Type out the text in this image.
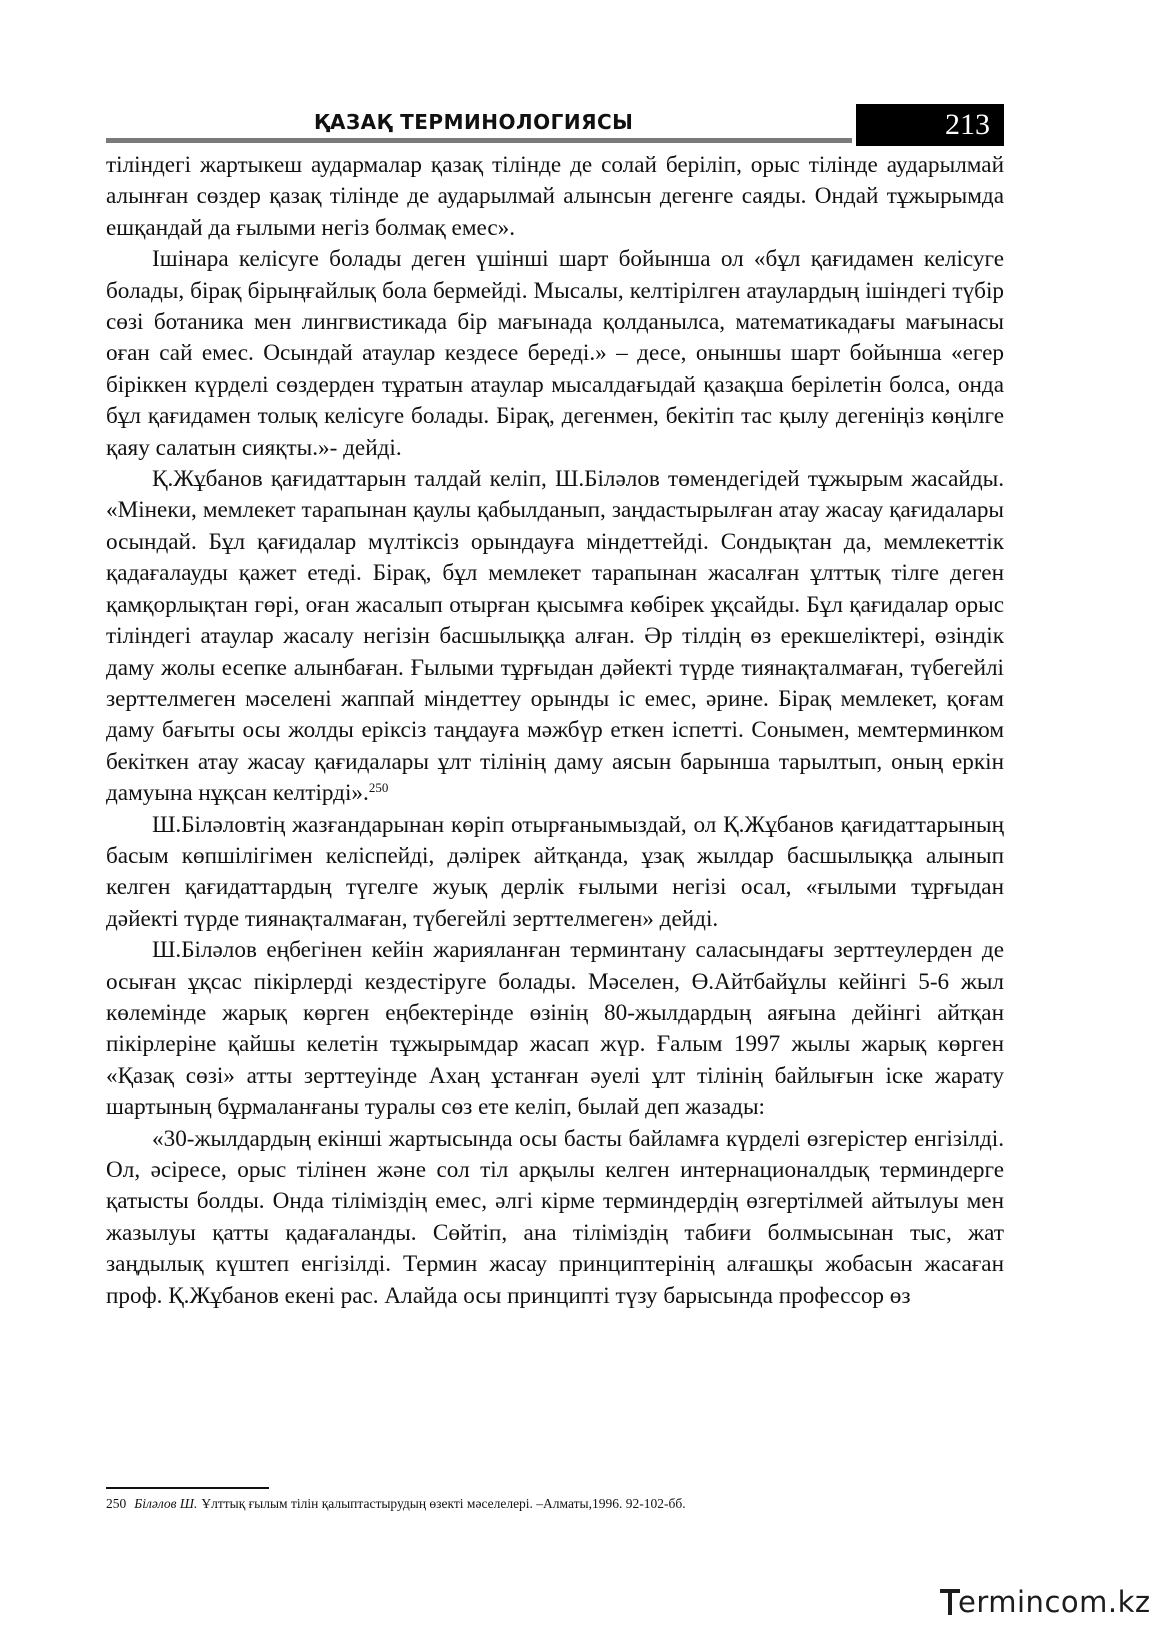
ҚАЗАҚ ТЕРМИНОЛОГИЯСЫ	213

тіліндегі жартыкеш аудармалар қазақ тілінде де солай беріліп, орыс тілінде аударылмай алынған сөздер қазақ тілінде де аударылмай алынсын дегенге саяды. Ондай тұжырымда ешқандай да ғылыми негіз болмақ емес».

Ішінара келісуге болады деген үшінші шарт бойынша ол «бұл қағидамен келісуге болады, бірақ бірыңғайлық бола бермейді. Мысалы, келтірілген атаулардың ішіндегі түбір сөзі ботаника мен лингвистикада бір мағынада қолданылса, математикадағы мағынасы оған сай емес. Осындай атаулар кездесе береді.» – десе, оныншы шарт бойынша «егер біріккен күрделі сөздерден тұратын атаулар мысалдағыдай қазақша берілетін болса, онда бұл қағидамен толық келісуге болады. Бірақ, дегенмен, бекітіп тас қылу дегеніңіз көңілге қаяу салатын сияқты.»- дейді.

Қ.Жұбанов қағидаттарын талдай келіп, Ш.Біләлов төмендегідей тұжырым жасайды. «Мінеки, мемлекет тарапынан қаулы қабылданып, заңдастырылған атау жасау қағидалары осындай. Бұл қағидалар мүлтіксіз орындауға міндеттейді. Сондықтан да, мемлекеттік қадағалауды қажет етеді. Бірақ, бұл мемлекет тарапынан жасалған ұлттық тілге деген қамқорлықтан гөрі, оған жасалып отырған қысымға көбірек ұқсайды. Бұл қағидалар орыс тіліндегі атаулар жасалу негізін басшылыққа алған. Әр тілдің өз ерекшеліктері, өзіндік даму жолы есепке алынбаған. Ғылыми тұрғыдан дәйекті түрде тиянақталмаған, түбегейлі зерттелмеген мәселені жаппай міндеттеу орынды іс емес, әрине. Бірақ мемлекет, қоғам даму бағыты осы жолды еріксіз таңдауға мәжбүр еткен іспетті. Сонымен, мемтерминком бекіткен атау жасау қағидалары ұлт тілінің даму аясын барынша тарылтып, оның еркін дамуына нұқсан келтірді».$^{250}$

Ш.Біләловтің жазғандарынан көріп отырғанымыздай, ол Қ.Жұбанов қағидаттарының басым көпшілігімен келіспейді, дәлірек айтқанда, ұзақ жылдар басшылыққа алынып келген қағидаттардың түгелге жуық дерлік ғылыми негізі осал, «ғылыми тұрғыдан дәйекті түрде тиянақталмаған, түбегейлі зерттелмеген» дейді.

Ш.Біләлов еңбегінен кейін жарияланған терминтану саласындағы зерттеулерден де осыған ұқсас пікірлерді кездестіруге болады. Мәселен, Ө.Айтбайұлы кейінгі 5-6 жыл көлемінде жарық көрген еңбектерінде өзінің 80-жылдардың аяғына дейінгі айтқан пікірлеріне қайшы келетін тұжырымдар жасап жүр. Ғалым 1997 жылы жарық көрген «Қазақ сөзі» атты зерттеуінде Ахаң ұстанған әуелі ұлт тілінің байлығын іске жарату шартының бұрмаланғаны туралы сөз ете келіп, былай деп жазады:

«30-жылдардың екінші жартысында осы басты байламға күрделі өзгерістер енгізілді. Ол, әсіресе, орыс тілінен және сол тіл арқылы келген интернационалдық терминдерге қатысты болды. Онда тіліміздің емес, әлгі кірме терминдердің өзгертілмей айтылуы мен жазылуы қатты қадағаланды. Сөйтіп, ана тіліміздің табиғи болмысынан тыс, жат заңдылық күштеп енгізілді. Термин жасау принциптерінің алғашқы жобасын жасаған проф. Қ.Жұбанов екені рас. Алайда осы принципті түзу барысында профессор өз

250 Біләлов Ш. Ұлттық ғылым тілін қалыптастырудың өзекті мәселелері. –Алматы,1996. 92-102-бб.
ermincom.kz
